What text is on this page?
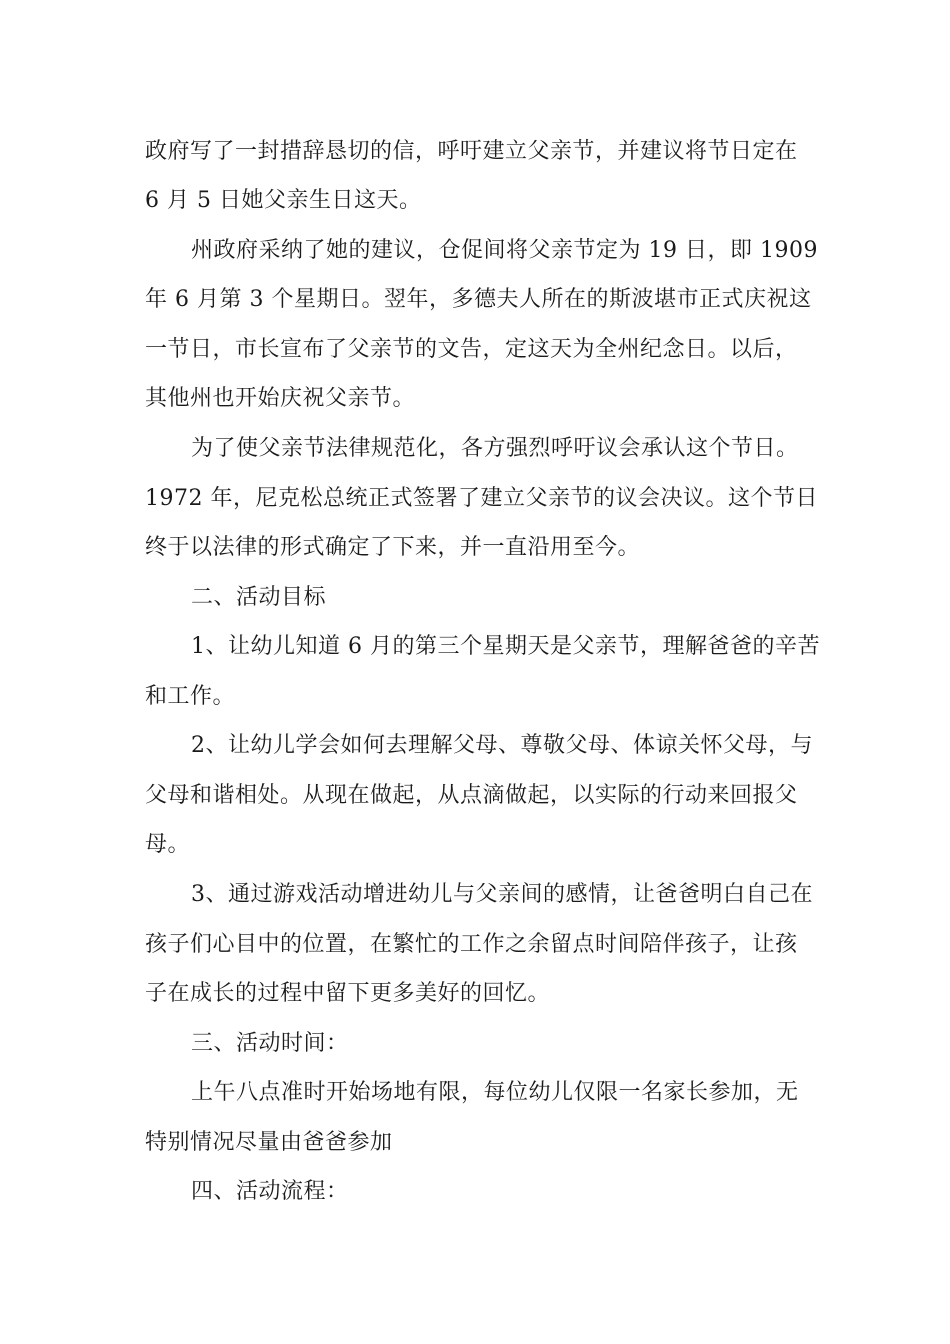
政府写了一封措辞恳切的信，呼吁建立父亲节，并建议将节日定在

6 月 5 日她父亲生日这天。

州政府采纳了她的建议，仓促间将父亲节定为 19 日，即 1909

年 6 月第 3 个星期日。翌年，多德夫人所在的斯波堪市正式庆祝这

一节日，市长宣布了父亲节的文告，定这天为全州纪念日。以后，

其他州也开始庆祝父亲节。

为了使父亲节法律规范化，各方强烈呼吁议会承认这个节日。

1972 年，尼克松总统正式签署了建立父亲节的议会决议。这个节日

终于以法律的形式确定了下来，并一直沿用至今。

二、活动目标

1、让幼儿知道 6 月的第三个星期天是父亲节，理解爸爸的辛苦

和工作。

2、让幼儿学会如何去理解父母、尊敬父母、体谅关怀父母，与

父母和谐相处。从现在做起，从点滴做起，以实际的行动来回报父

母。

3、通过游戏活动增进幼儿与父亲间的感情，让爸爸明白自己在

孩子们心目中的位置，在繁忙的工作之余留点时间陪伴孩子，让孩

子在成长的过程中留下更多美好的回忆。

三、活动时间：

上午八点准时开始场地有限，每位幼儿仅限一名家长参加，无

特别情况尽量由爸爸参加

四、活动流程：
